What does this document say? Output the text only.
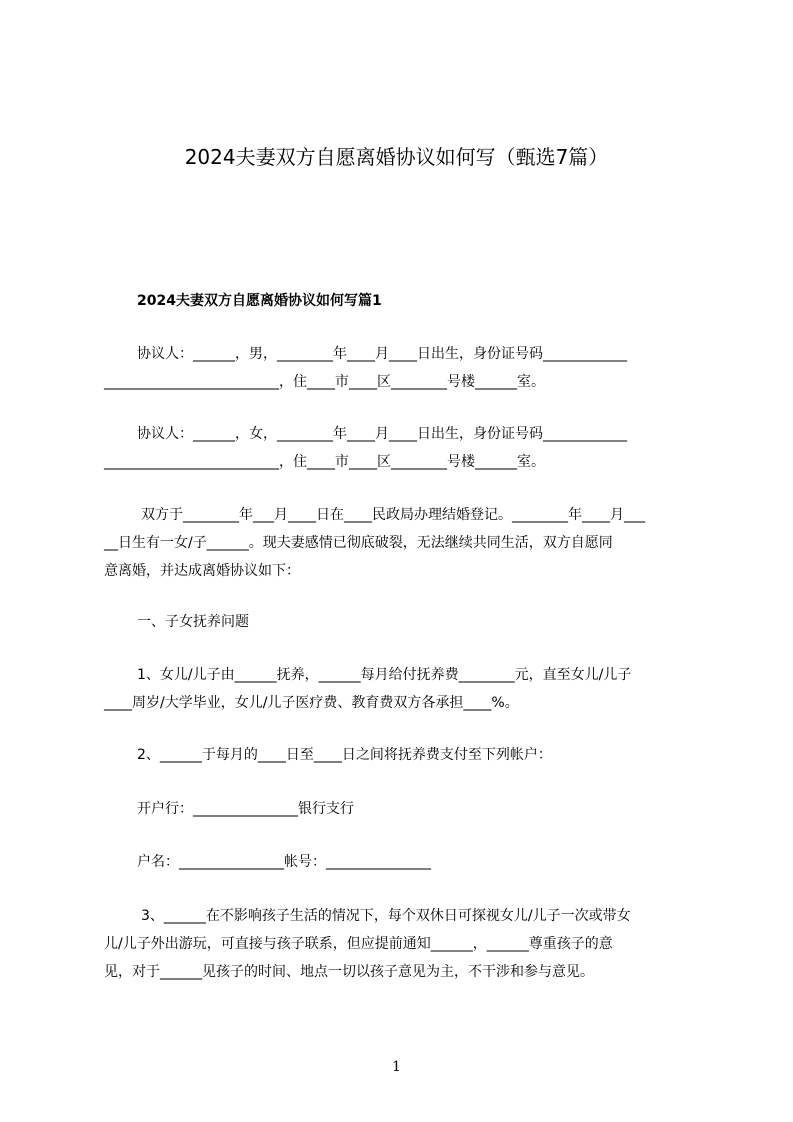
2024夫妻双方自愿离婚协议如何写（甄选7篇）
2024夫妻双方自愿离婚协议如何写篇1
协议人：______，男，________年____月____日出生，身份证号码____________
_________________________，住____市____区________号楼______室。
协议人：______，女，________年____月____日出生，身份证号码____________
_________________________，住____市____区________号楼______室。
双方于________年___月____日在____民政局办理结婚登记。________年____月___
__日生有一女/子______。现夫妻感情已彻底破裂，无法继续共同生活，双方自愿同
意离婚，并达成离婚协议如下：
一、子女抚养问题
1、女儿/儿子由______抚养，______每月给付抚养费________元，直至女儿/儿子
____周岁/大学毕业，女儿/儿子医疗费、教育费双方各承担____%。
2、______于每月的____日至____日之间将抚养费支付至下列帐户：
开户行：_______________银行支行
户名：_______________帐号：_______________
3、______在不影响孩子生活的情况下，每个双休日可探视女儿/儿子一次或带女
儿/儿子外出游玩，可直接与孩子联系，但应提前通知______，______尊重孩子的意
见，对于______见孩子的时间、地点一切以孩子意见为主，不干涉和参与意见。
1
